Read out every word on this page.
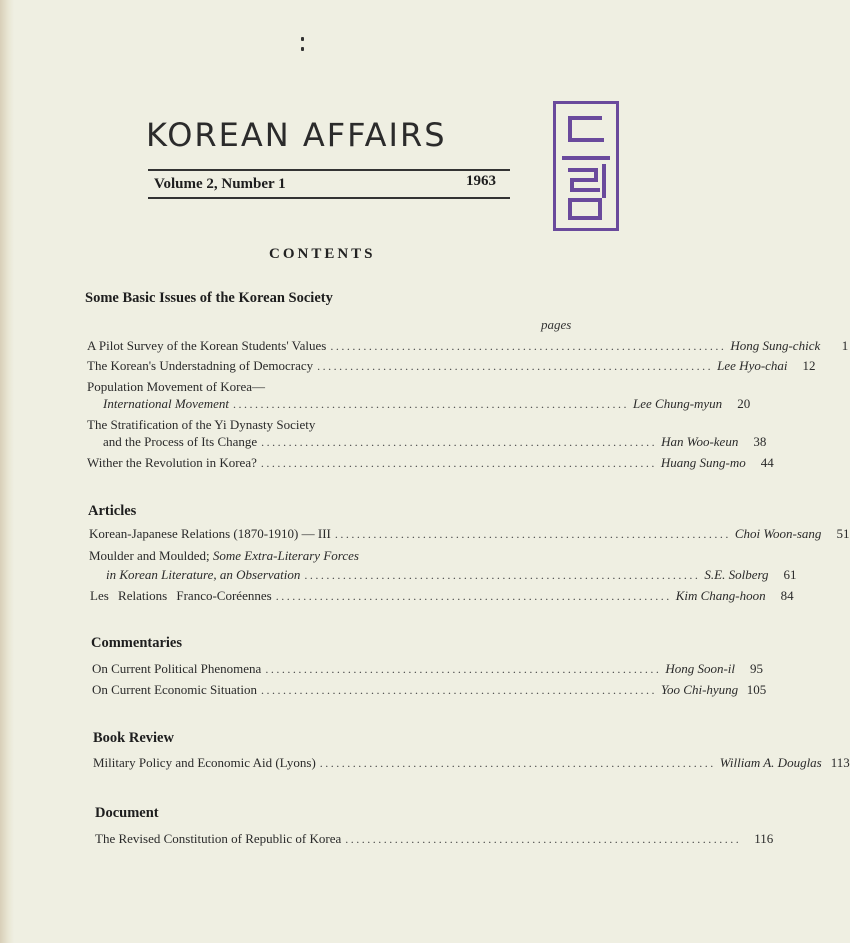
KOREAN AFFAIRS
Volume 2, Number 1	1963
CONTENTS
Some Basic Issues of the Korean Society
pages
A Pilot Survey of the Korean Students' Values ........................................................................ Hong Sung-chick	1
The Korean's Understadning of Democracy ........................................................................ Lee Hyo-chai	12
Population Movement of Korea—
International Movement ........................................................................ Lee Chung-myun	20
The Stratification of the Yi Dynasty Society
and the Process of Its Change ........................................................................ Han Woo-keun	38
Wither the Revolution in Korea? ........................................................................ Huang Sung-mo	44
Articles
Korean-Japanese Relations (1870-1910) — III ........................................................................ Choi Woon-sang	51
Moulder and Moulded; Some Extra-Literary Forces
in Korean Literature, an Observation ........................................................................ S.E. Solberg	61
Les Relations Franco-Coréennes ........................................................................ Kim Chang-hoon	84
Commentaries
On Current Political Phenomena ........................................................................ Hong Soon-il	95
On Current Economic Situation ........................................................................ Yoo Chi-hyung 105
Book Review
Military Policy and Economic Aid (Lyons) ........................................................................ William A. Douglas 113
Document
The Revised Constitution of Republic of Korea ........................................................................ 116
